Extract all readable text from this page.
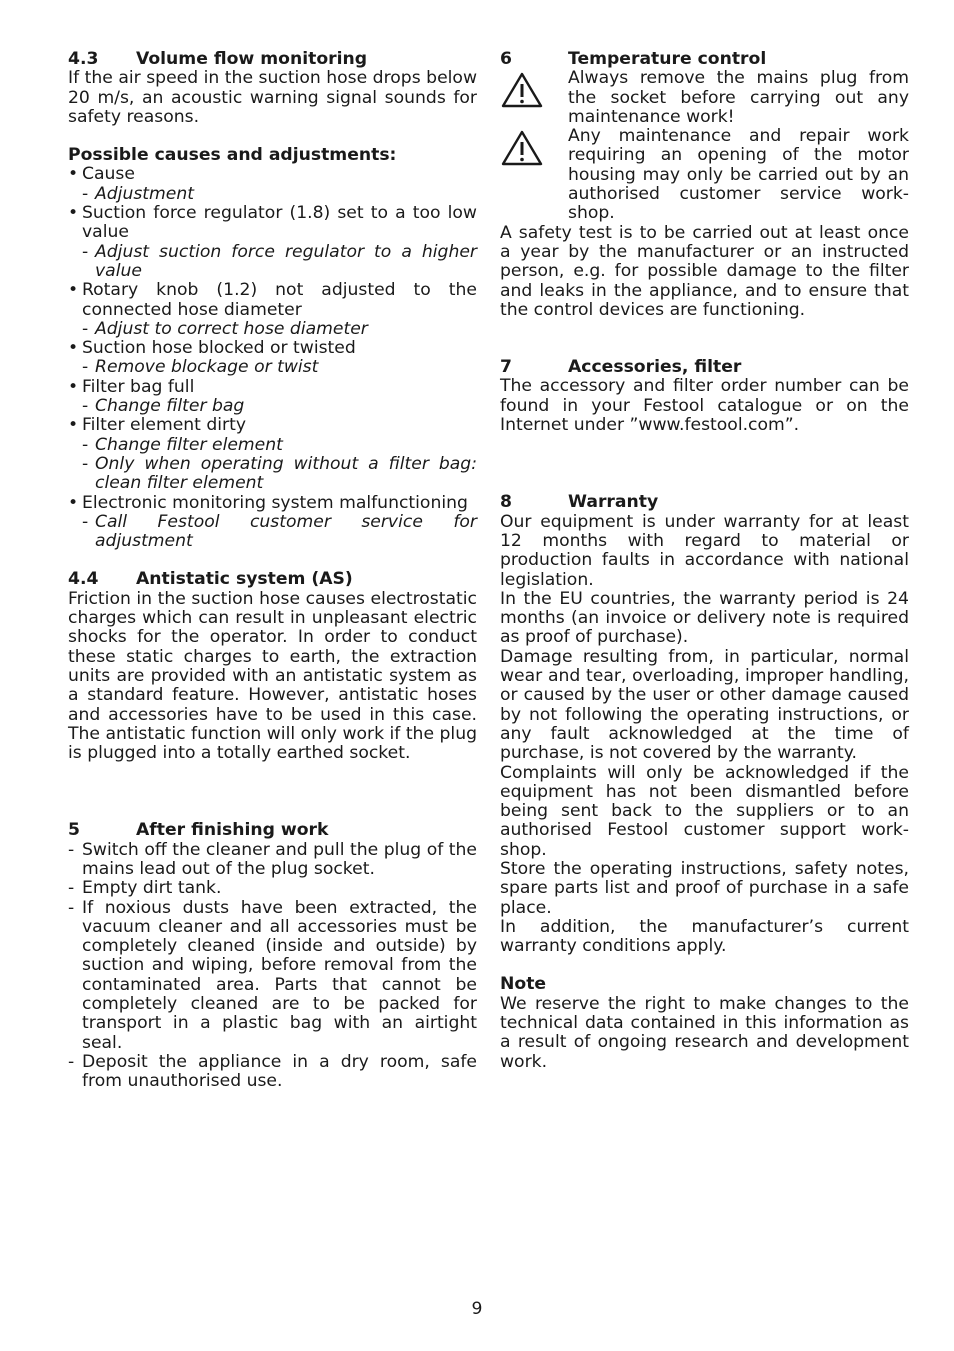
4.3	Volume flow monitoring

If the air speed in the suction hose drops below 20 m/s, an acoustic warning signal sounds for safety reasons.

Possible causes and adjustments:
• Cause
- Adjustment
• Suction force regulator (1.8) set to a too low value
- Adjust suction force regulator to a higher value
• Rotary knob (1.2) not adjusted to the connected hose diameter
- Adjust to correct hose diameter
• Suction hose blocked or twisted
- Remove blockage or twist
• Filter bag full
- Change filter bag
• Filter element dirty
- Change filter element
- Only when operating without a filter bag: clean filter element
• Electronic monitoring system malfunctioning
- Call Festool customer service for adjustment
4.4	Antistatic system (AS)

Friction in the suction hose causes electrostatic charges which can result in unpleasant electric shocks for the operator. In order to conduct these static charges to earth, the extraction units are provided with an antistatic system as a standard feature. However, antistatic hoses and accessories have to be used in this case. The antistatic function will only work if the plug is plugged into a totally earthed socket.

5	After finishing work
- Switch off the cleaner and pull the plug of the mains lead out of the plug socket.
- Empty dirt tank.
- If noxious dusts have been extracted, the vacuum cleaner and all accessories must be completely cleaned (inside and outside) by suction and wiping, before removal from the contaminated area. Parts that cannot be completely cleaned are to be packed for transport in a plastic bag with an airtight seal.
- Deposit the appliance in a dry room, safe from unauthorised use.
6	Temperature control

Always remove the mains plug from the socket before carrying out any maintenance work!

Any maintenance and repair work requiring an opening of the motor housing may only be carried out by an authorised customer service work-shop.

A safety test is to be carried out at least once a year by the manufacturer or an instructed person, e.g. for possible damage to the filter and leaks in the appliance, and to ensure that the control devices are functioning.

7	Accessories, filter

The accessory and filter order number can be found in your Festool catalogue or on the Internet under ”www.festool.com”.

8	Warranty

Our equipment is under warranty for at least 12 months with regard to material or production faults in accordance with national legislation.

In the EU countries, the warranty period is 24 months (an invoice or delivery note is required as proof of purchase).

Damage resulting from, in particular, normal wear and tear, overloading, improper handling, or caused by the user or other damage caused by not following the operating instructions, or any fault acknowledged at the time of purchase, is not covered by the warranty.

Complaints will only be acknowledged if the equipment has not been dismantled before being sent back to the suppliers or to an authorised Festool customer support work-shop.

Store the operating instructions, safety notes, spare parts list and proof of purchase in a safe place.

In addition, the manufacturer’s current warranty conditions apply.

Note

We reserve the right to make changes to the technical data contained in this information as a result of ongoing research and development work.

9
